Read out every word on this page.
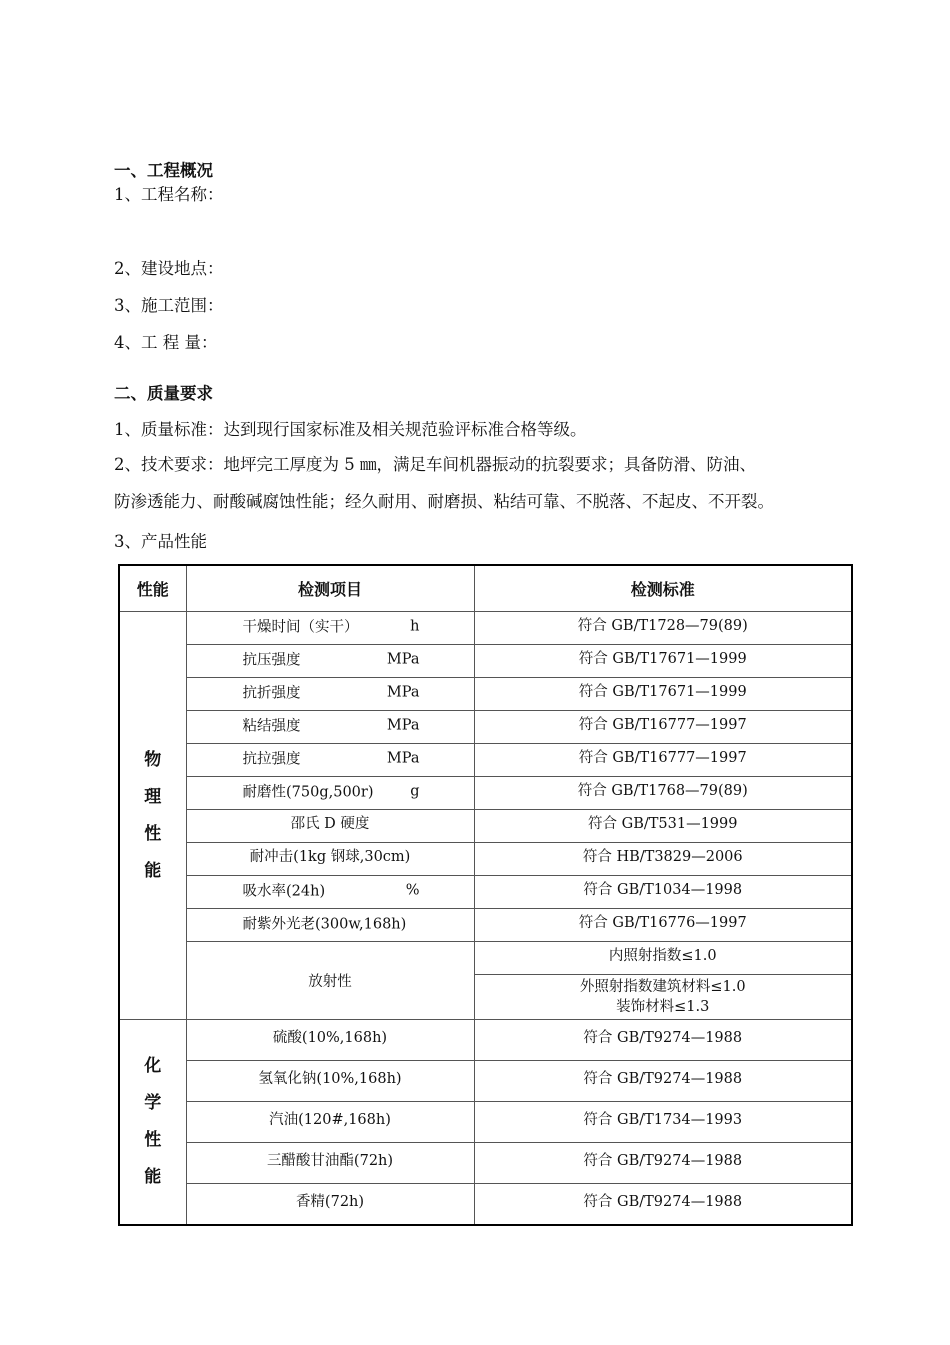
一、工程概况
1、工程名称：
2、建设地点：
3、施工范围：
4、工 程 量：
二、质量要求
1、质量标准：达到现行国家标准及相关规范验评标准合格等级。
2、技术要求：地坪完工厚度为 5 ㎜，满足车间机器振动的抗裂要求；具备防滑、防油、
防渗透能力、耐酸碱腐蚀性能；经久耐用、耐磨损、粘结可靠、不脱落、不起皮、不开裂。
3、产品性能
性能	检测项目	检测标准

物
理
性
能	干燥时间（实干） h	符合 GB/T1728—79(89)

	抗压强度 MPa	符合 GB/T17671—1999

	抗折强度 MPa	符合 GB/T17671—1999

	粘结强度 MPa	符合 GB/T16777—1997

	抗拉强度 MPa	符合 GB/T16777—1997

	耐磨性(750g,500r) g	符合 GB/T1768—79(89)
	邵氏 D 硬度	符合 GB/T531—1999
	耐冲击(1kg 钢球,30cm)	符合 HB/T3829—2006

	吸水率(24h) %	符合 GB/T1034—1998

	耐紫外光老(300w,168h)	符合 GB/T16776—1997
	放射性	内照射指数≤1.0

		外照射指数建筑材料≤1.0
装饰材料≤1.3

化
学
性
能	硫酸(10%,168h)	符合 GB/T9274—1988
	氢氧化钠(10%,168h)	符合 GB/T9274—1988
	汽油(120#,168h)	符合 GB/T1734—1993
	三醋酸甘油酯(72h)	符合 GB/T9274—1988
	香精(72h)	符合 GB/T9274—1988
